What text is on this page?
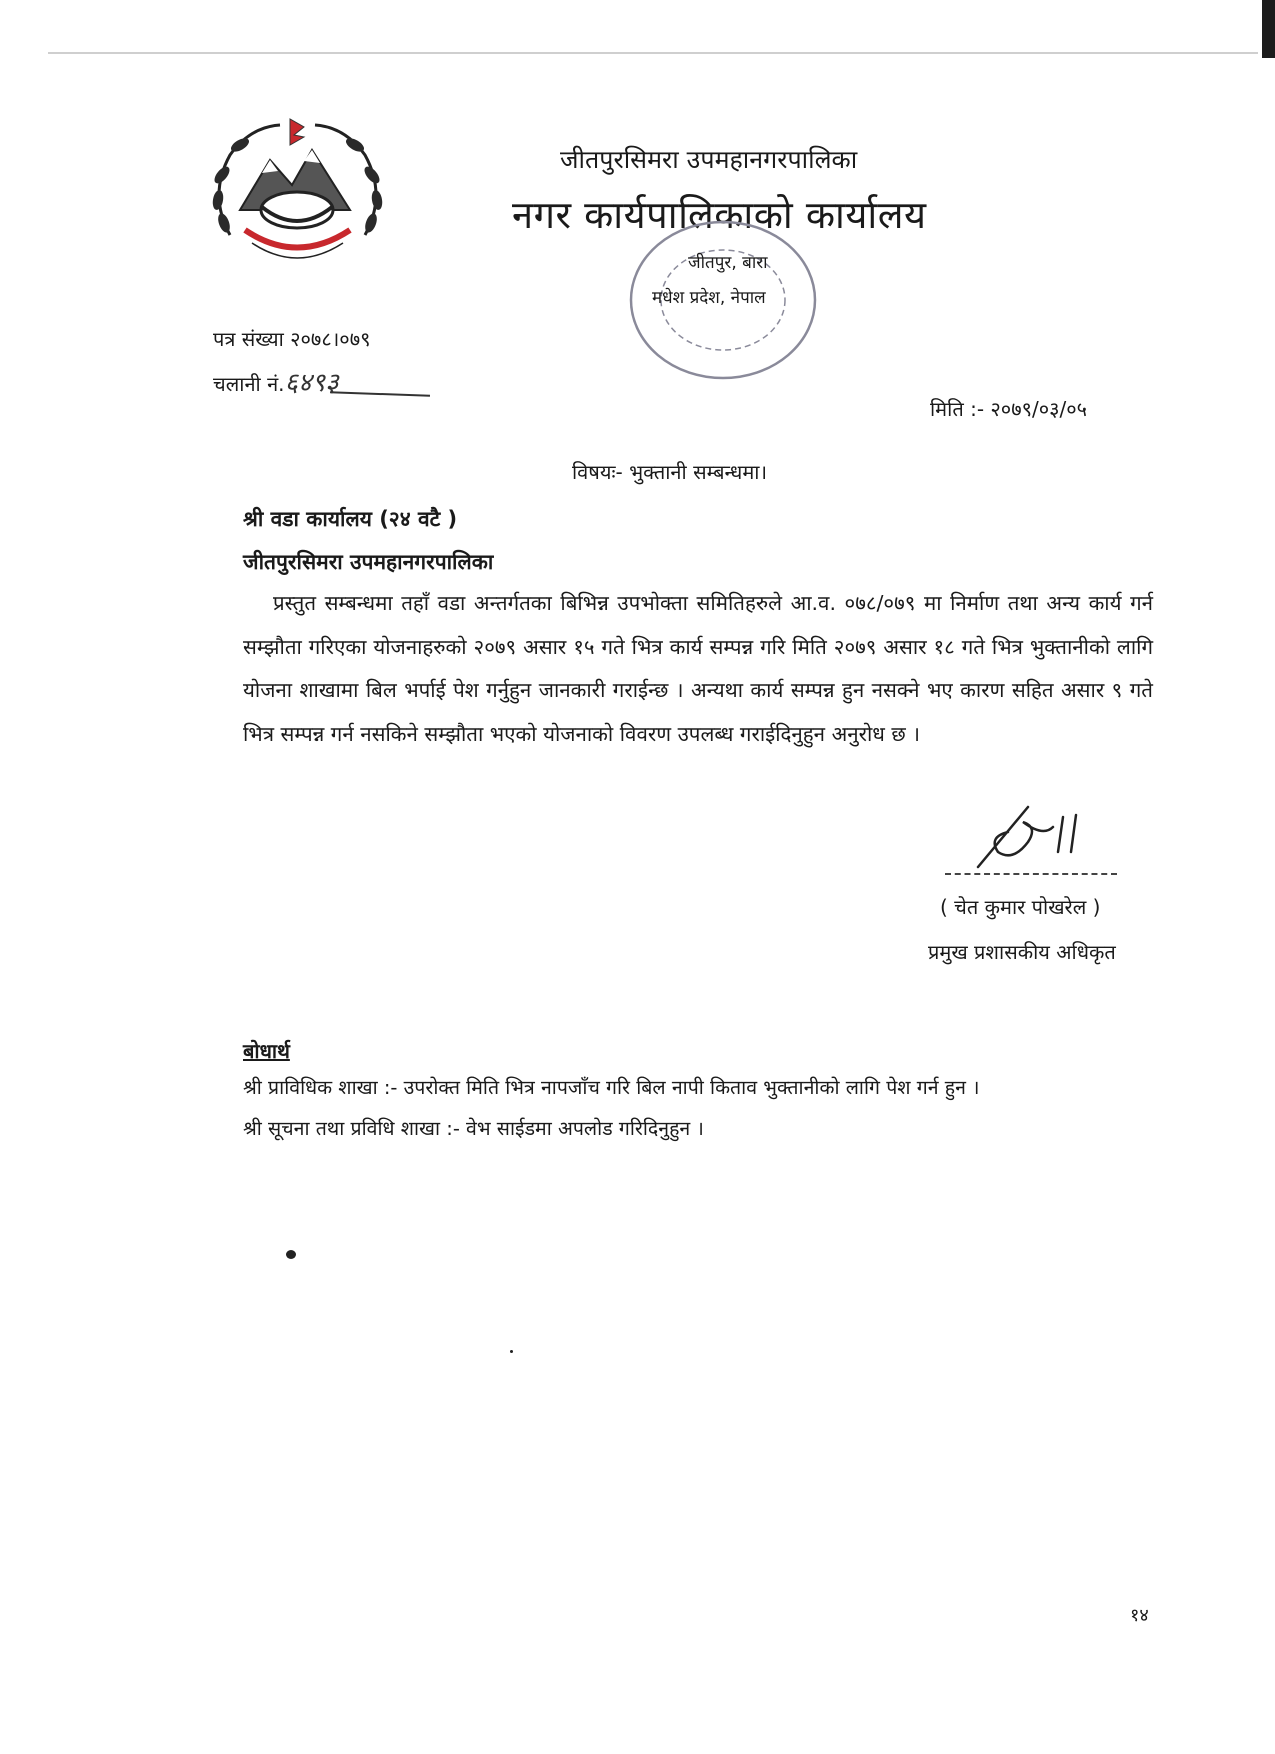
जीतपुरसिमरा उपमहानगरपालिका
नगर कार्यपालिकाको कार्यालय
जीतपुर, बारा
मधेश प्रदेश, नेपाल
पत्र संख्या २०७८।०७९
चलानी नं.६४९३
मिति :- २०७९/०३/०५
विषयः- भुक्तानी सम्बन्धमा।
श्री वडा कार्यालय (२४ वटै )
जीतपुरसिमरा उपमहानगरपालिका

प्रस्तुत सम्बन्धमा तहाँ वडा अन्तर्गतका बिभिन्न उपभोक्ता समितिहरुले आ.व. ०७८/०७९ मा निर्माण तथा अन्य कार्य गर्न सम्झौता गरिएका योजनाहरुको २०७९ असार १५ गते भित्र कार्य सम्पन्न गरि मिति २०७९ असार १८ गते भित्र भुक्तानीको लागि योजना शाखामा बिल भर्पाई पेश गर्नुहुन जानकारी गराईन्छ । अन्यथा कार्य सम्पन्न हुन नसक्ने भए कारण सहित असार ९ गते भित्र सम्पन्न गर्न नसकिने सम्झौता भएको योजनाको विवरण उपलब्ध गराईदिनुहुन अनुरोध छ ।

( चेत कुमार पोखरेल )
प्रमुख प्रशासकीय अधिकृत
बोधार्थ
श्री प्राविधिक शाखा :- उपरोक्त मिति भित्र नापजाँच गरि बिल नापी किताव भुक्तानीको लागि पेश गर्न हुन ।
श्री सूचना तथा प्रविधि शाखा :- वेभ साईडमा अपलोड गरिदिनुहुन ।
१४
